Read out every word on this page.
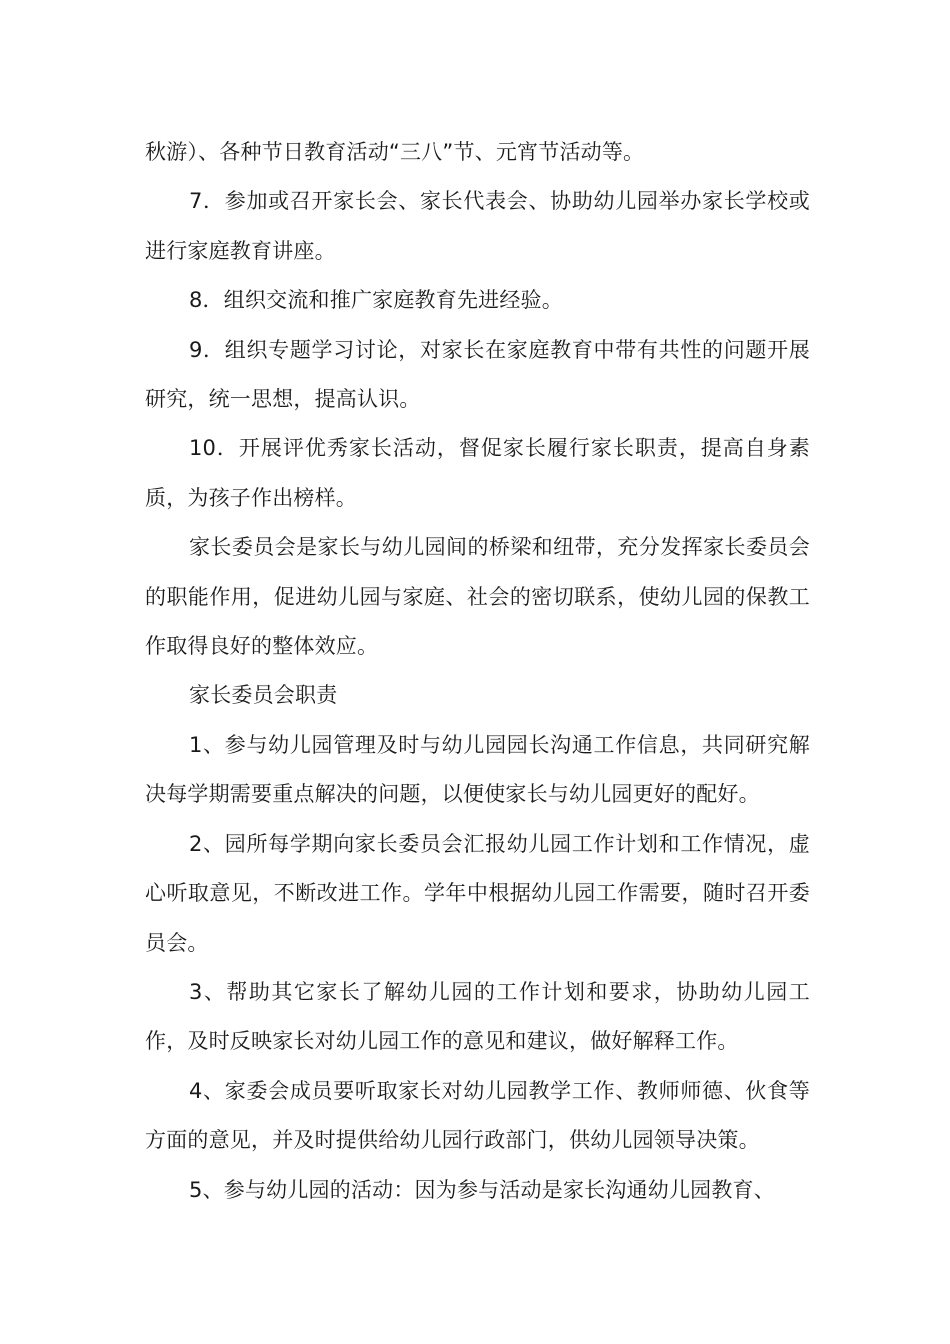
秋游）、各种节日教育活动“三八”节、元宵节活动等。

7．参加或召开家长会、家长代表会、协助幼儿园举办家长学校或进行家庭教育讲座。

8．组织交流和推广家庭教育先进经验。

9．组织专题学习讨论，对家长在家庭教育中带有共性的问题开展研究，统一思想，提高认识。

10．开展评优秀家长活动，督促家长履行家长职责，提高自身素质，为孩子作出榜样。

家长委员会是家长与幼儿园间的桥梁和纽带，充分发挥家长委员会的职能作用，促进幼儿园与家庭、社会的密切联系，使幼儿园的保教工作取得良好的整体效应。

家长委员会职责

1、参与幼儿园管理及时与幼儿园园长沟通工作信息，共同研究解决每学期需要重点解决的问题，以便使家长与幼儿园更好的配好。

2、园所每学期向家长委员会汇报幼儿园工作计划和工作情况，虚心听取意见，不断改进工作。学年中根据幼儿园工作需要，随时召开委员会。

3、帮助其它家长了解幼儿园的工作计划和要求，协助幼儿园工作，及时反映家长对幼儿园工作的意见和建议，做好解释工作。

4、家委会成员要听取家长对幼儿园教学工作、教师师德、伙食等方面的意见，并及时提供给幼儿园行政部门，供幼儿园领导决策。

5、参与幼儿园的活动：因为参与活动是家长沟通幼儿园教育、
